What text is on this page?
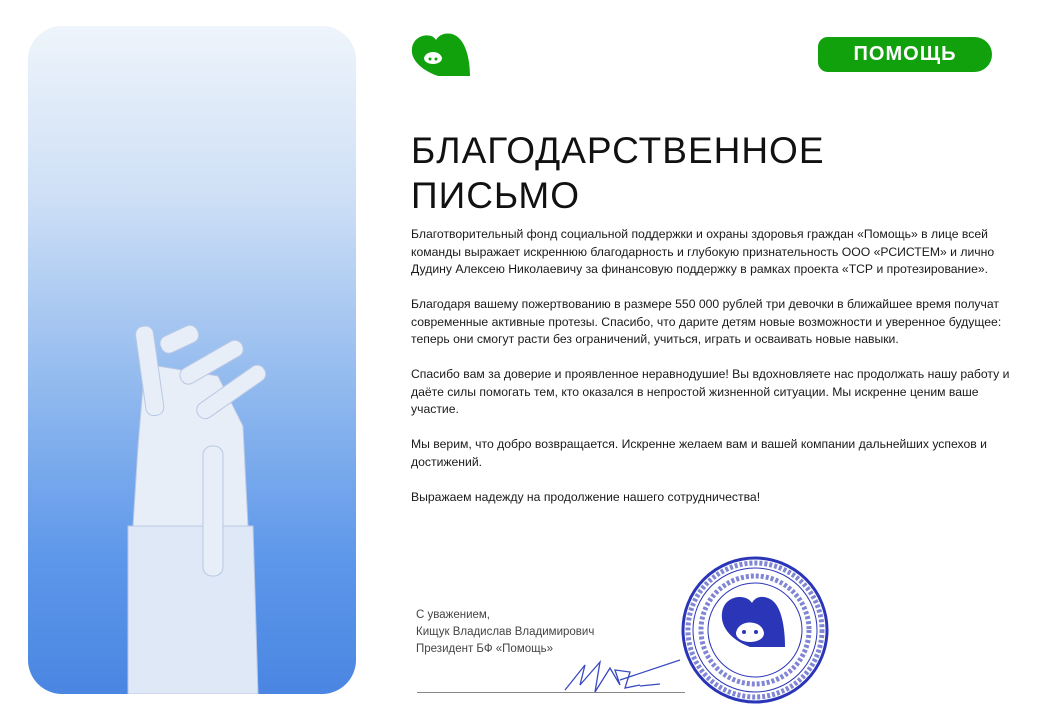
ПОМОЩЬ
БЛАГОДАРСТВЕННОЕ
ПИСЬМО

Благотворительный фонд социальной поддержки и охраны здоровья граждан «Помощь» в лице всей команды выражает искреннюю благодарность и глубокую признательность ООО «РСИСТЕМ» и лично Дудину Алексею Николаевичу за финансовую поддержку в рамках проекта «ТСР и протезирование».

Благодаря вашему пожертвованию в размере 550 000 рублей три девочки в ближайшее время получат современные активные протезы. Спасибо, что дарите детям новые возможности и уверенное будущее: теперь они смогут расти без ограничений, учиться, играть и осваивать новые навыки.

Спасибо вам за доверие и проявленное неравнодушие! Вы вдохновляете нас продолжать нашу работу и даёте силы помогать тем, кто оказался в непростой жизненной ситуации. Мы искренне ценим ваше участие.

Мы верим, что добро возвращается. Искренне желаем вам и вашей компании дальнейших успехов и достижений.

Выражаем надежду на продолжение нашего сотрудничества!

С уважением,
Кищук Владислав Владимирович
Президент БФ «Помощь»
